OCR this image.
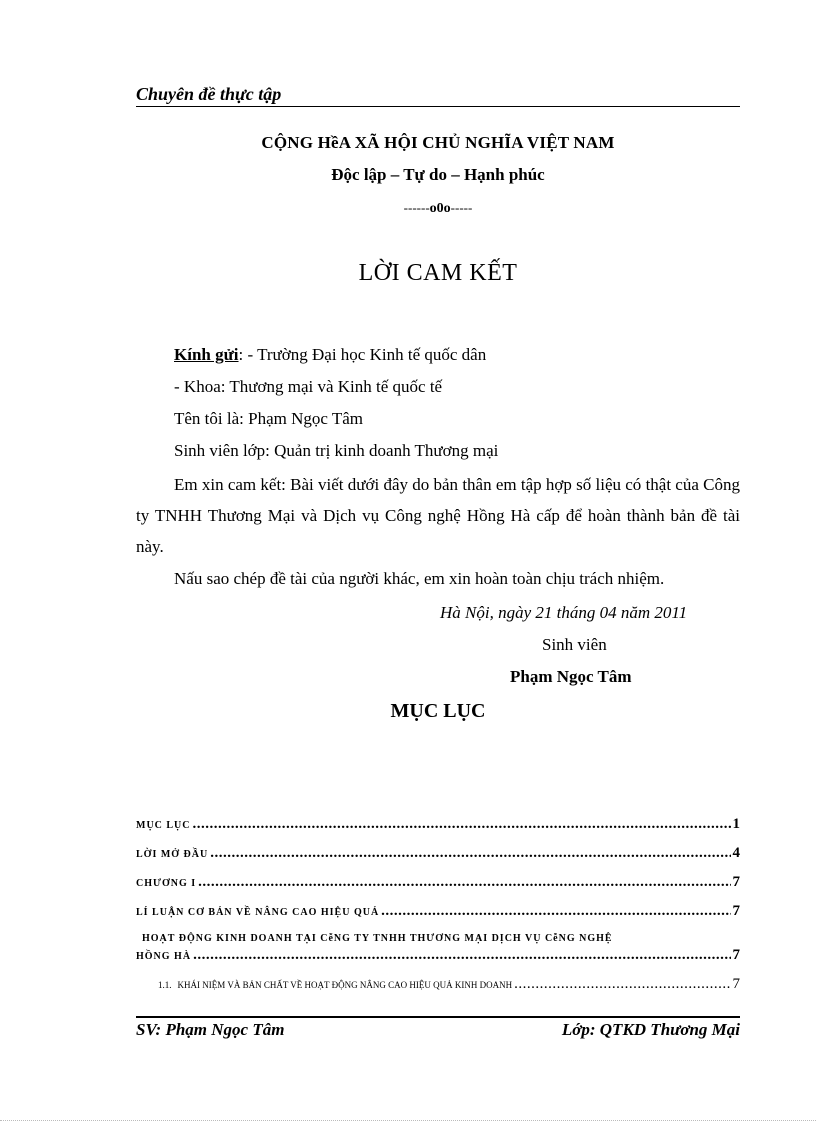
Chuyên đề thực tập
CỘNG HềA XÃ HỘI CHỦ NGHĨA VIỆT NAM
Độc lập – Tự do – Hạnh phúc
------o0o-----
LỜI CAM KẾT
Kính gửi: - Trường Đại học Kinh tế quốc dân
- Khoa: Thương mại và Kinh tế quốc tế
Tên tôi là: Phạm Ngọc Tâm
Sinh viên lớp: Quản trị kinh doanh Thương mại
Em xin cam kết: Bài viết dưới đây do bản thân em tập hợp số liệu có thật của Công ty TNHH Thương Mại và Dịch vụ Công nghệ Hồng Hà cấp để hoàn thành bản đề tài này.
Nấu sao chép đề tài của người khác, em xin hoàn toàn chịu trách nhiệm.
Hà Nội, ngày 21 tháng 04 năm 2011
Sinh viên
Phạm Ngọc Tâm
MỤC LỤC
MỤC LỤC .....	1
LỜI MỞ ĐẦU .....	4
CHƯƠNG I .....	7
LÍ LUẬN CƠ BẢN VỀ NÂNG CAO HIỆU QUẢ .....	7
HOẠT ĐỘNG KINH DOANH TẠI CễNG TY TNHH THƯƠNG MẠI DỊCH VỤ CễNG NGHỆ
HỒNG HÀ .....	7
1.1. KHÁI NIỆM VÀ BẢN CHẤT VỀ HOẠT ĐỘNG NÂNG CAO HIỆU QUẢ KINH DOANH .....	7
SV: Phạm Ngọc Tâm	Lớp: QTKD Thương Mại
